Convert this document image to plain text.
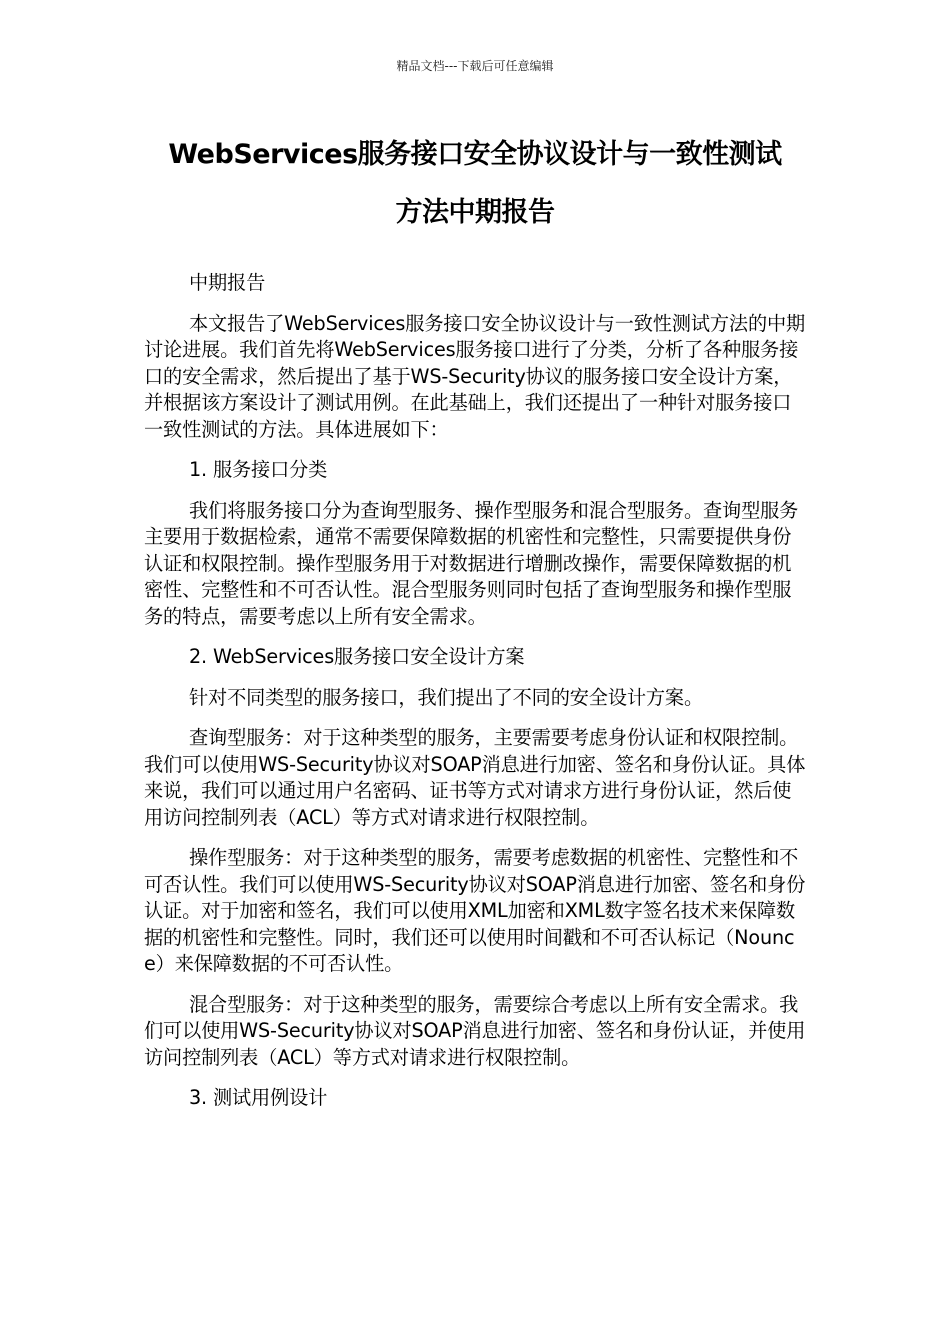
精品文档---下载后可任意编辑
WebServices服务接口安全协议设计与一致性测试
方法中期报告

中期报告

本文报告了WebServices服务接口安全协议设计与一致性测试方法的中期讨论进展。我们首先将WebServices服务接口进行了分类，分析了各种服务接口的安全需求，然后提出了基于WS-Security协议的服务接口安全设计方案，并根据该方案设计了测试用例。在此基础上，我们还提出了一种针对服务接口一致性测试的方法。具体进展如下：

1. 服务接口分类

我们将服务接口分为查询型服务、操作型服务和混合型服务。查询型服务主要用于数据检索，通常不需要保障数据的机密性和完整性，只需要提供身份认证和权限控制。操作型服务用于对数据进行增删改操作，需要保障数据的机密性、完整性和不可否认性。混合型服务则同时包括了查询型服务和操作型服务的特点，需要考虑以上所有安全需求。

2. WebServices服务接口安全设计方案

针对不同类型的服务接口，我们提出了不同的安全设计方案。

查询型服务：对于这种类型的服务，主要需要考虑身份认证和权限控制。我们可以使用WS-Security协议对SOAP消息进行加密、签名和身份认证。具体来说，我们可以通过用户名密码、证书等方式对请求方进行身份认证，然后使用访问控制列表（ACL）等方式对请求进行权限控制。

操作型服务：对于这种类型的服务，需要考虑数据的机密性、完整性和不可否认性。我们可以使用WS-Security协议对SOAP消息进行加密、签名和身份认证。对于加密和签名，我们可以使用XML加密和XML数字签名技术来保障数据的机密性和完整性。同时，我们还可以使用时间戳和不可否认标记（Nounce）来保障数据的不可否认性。

混合型服务：对于这种类型的服务，需要综合考虑以上所有安全需求。我们可以使用WS-Security协议对SOAP消息进行加密、签名和身份认证，并使用访问控制列表（ACL）等方式对请求进行权限控制。

3. 测试用例设计
